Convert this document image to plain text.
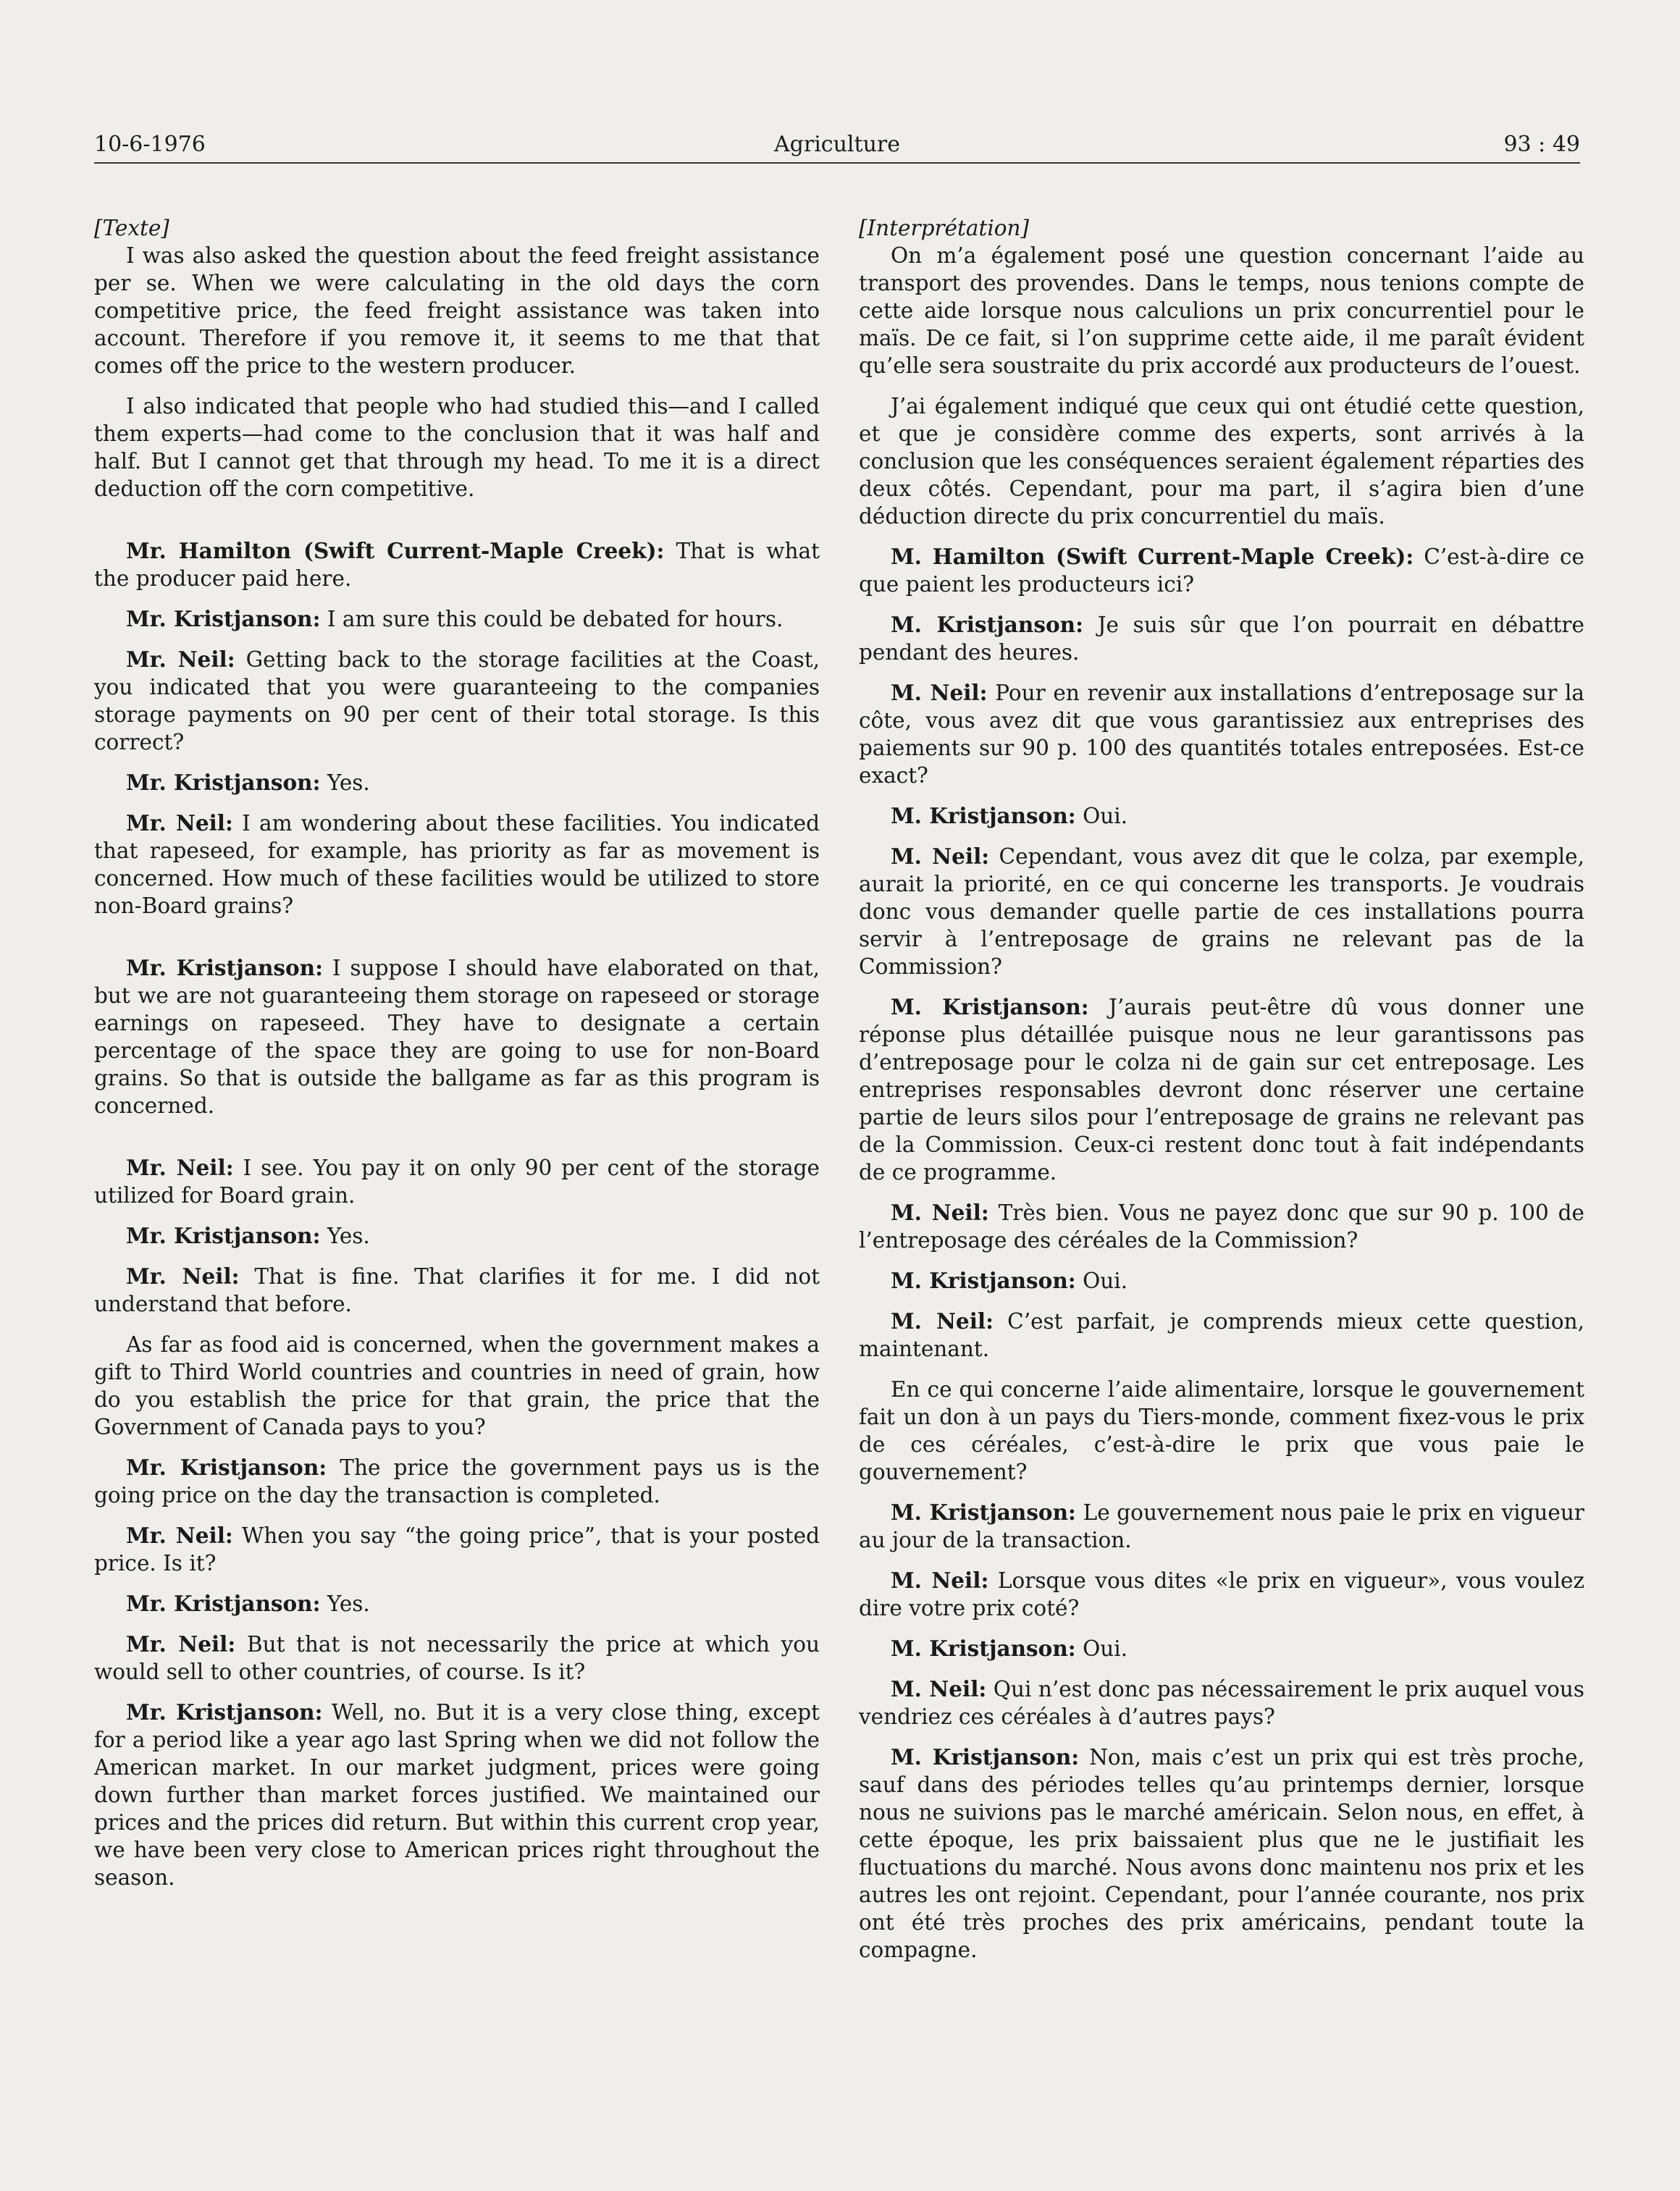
10-6-1976	Agriculture	93 : 49

[Texte]

I was also asked the question about the feed freight assistance per se. When we were calculating in the old days the corn competitive price, the feed freight assistance was taken into account. Therefore if you remove it, it seems to me that that comes off the price to the western producer.

I also indicated that people who had studied this—and I called them experts—had come to the conclusion that it was half and half. But I cannot get that through my head. To me it is a direct deduction off the corn competitive.

Mr. Hamilton (Swift Current-Maple Creek): That is what the producer paid here.

Mr. Kristjanson: I am sure this could be debated for hours.

Mr. Neil: Getting back to the storage facilities at the Coast, you indicated that you were guaranteeing to the companies storage payments on 90 per cent of their total storage. Is this correct?

Mr. Kristjanson: Yes.

Mr. Neil: I am wondering about these facilities. You indicated that rapeseed, for example, has priority as far as movement is concerned. How much of these facilities would be utilized to store non-Board grains?

Mr. Kristjanson: I suppose I should have elaborated on that, but we are not guaranteeing them storage on rapeseed or storage earnings on rapeseed. They have to designate a certain percentage of the space they are going to use for non-Board grains. So that is outside the ballgame as far as this program is concerned.

Mr. Neil: I see. You pay it on only 90 per cent of the storage utilized for Board grain.

Mr. Kristjanson: Yes.

Mr. Neil: That is fine. That clarifies it for me. I did not understand that before.

As far as food aid is concerned, when the government makes a gift to Third World countries and countries in need of grain, how do you establish the price for that grain, the price that the Government of Canada pays to you?

Mr. Kristjanson: The price the government pays us is the going price on the day the transaction is completed.

Mr. Neil: When you say “the going price”, that is your posted price. Is it?

Mr. Kristjanson: Yes.

Mr. Neil: But that is not necessarily the price at which you would sell to other countries, of course. Is it?

Mr. Kristjanson: Well, no. But it is a very close thing, except for a period like a year ago last Spring when we did not follow the American market. In our market judgment, prices were going down further than market forces justified. We maintained our prices and the prices did return. But within this current crop year, we have been very close to American prices right throughout the season.

[Interprétation]

On m’a également posé une question concernant l’aide au transport des provendes. Dans le temps, nous tenions compte de cette aide lorsque nous calculions un prix concurrentiel pour le maïs. De ce fait, si l’on supprime cette aide, il me paraît évident qu’elle sera soustraite du prix accordé aux producteurs de l’ouest.

J’ai également indiqué que ceux qui ont étudié cette question, et que je considère comme des experts, sont arrivés à la conclusion que les conséquences seraient également réparties des deux côtés. Cependant, pour ma part, il s’agira bien d’une déduction directe du prix concurrentiel du maïs.

M. Hamilton (Swift Current-Maple Creek): C’est-à-dire ce que paient les producteurs ici?

M. Kristjanson: Je suis sûr que l’on pourrait en débattre pendant des heures.

M. Neil: Pour en revenir aux installations d’entreposage sur la côte, vous avez dit que vous garantissiez aux entreprises des paiements sur 90 p. 100 des quantités totales entreposées. Est-ce exact?

M. Kristjanson: Oui.

M. Neil: Cependant, vous avez dit que le colza, par exemple, aurait la priorité, en ce qui concerne les transports. Je voudrais donc vous demander quelle partie de ces installations pourra servir à l’entreposage de grains ne relevant pas de la Commission?

M. Kristjanson: J’aurais peut-être dû vous donner une réponse plus détaillée puisque nous ne leur garantissons pas d’entreposage pour le colza ni de gain sur cet entreposage. Les entreprises responsables devront donc réserver une certaine partie de leurs silos pour l’entreposage de grains ne relevant pas de la Commission. Ceux-ci restent donc tout à fait indépendants de ce programme.

M. Neil: Très bien. Vous ne payez donc que sur 90 p. 100 de l’entreposage des céréales de la Commission?

M. Kristjanson: Oui.

M. Neil: C’est parfait, je comprends mieux cette question, maintenant.

En ce qui concerne l’aide alimentaire, lorsque le gouvernement fait un don à un pays du Tiers-monde, comment fixez-vous le prix de ces céréales, c’est-à-dire le prix que vous paie le gouvernement?

M. Kristjanson: Le gouvernement nous paie le prix en vigueur au jour de la transaction.

M. Neil: Lorsque vous dites «le prix en vigueur», vous voulez dire votre prix coté?

M. Kristjanson: Oui.

M. Neil: Qui n’est donc pas nécessairement le prix auquel vous vendriez ces céréales à d’autres pays?

M. Kristjanson: Non, mais c’est un prix qui est très proche, sauf dans des périodes telles qu’au printemps dernier, lorsque nous ne suivions pas le marché américain. Selon nous, en effet, à cette époque, les prix baissaient plus que ne le justifiait les fluctuations du marché. Nous avons donc maintenu nos prix et les autres les ont rejoint. Cependant, pour l’année courante, nos prix ont été très proches des prix américains, pendant toute la compagne.
